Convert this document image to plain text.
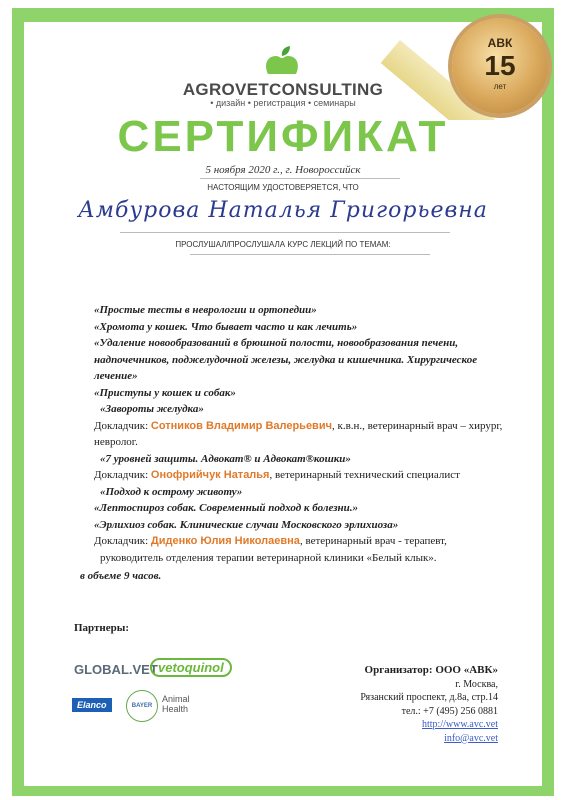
АВК
15
лет
AGROVETCONSULTING
• дизайн • регистрация • семинары
СЕРТИФИКАТ
5 ноября 2020 г., г. Новороссийск
НАСТОЯЩИМ УДОСТОВЕРЯЕТСЯ, ЧТО
Амбурова Наталья Григорьевна
ПРОСЛУШАЛ/ПРОСЛУШАЛА КУРС ЛЕКЦИЙ ПО ТЕМАМ:
«Простые тесты в неврологии и ортопедии»
«Хромота у кошек. Что бывает часто и как лечить»
«Удаление новообразований в брюшной полости, новообразования печени, надпочечников, поджелудочной железы, желудка и кишечника. Хирургическое лечение»
«Приступы у кошек и собак»
«Завороты желудка»
Докладчик: Сотников Владимир Валерьевич, к.в.н., ветеринарный врач – хирург, невролог.
«7 уровней защиты. Адвокат® и Адвокат®кошки»
Докладчик: Онофрийчук Наталья, ветеринарный технический специалист
«Подход к острому животу»
«Лептоспироз собак. Современный подход к болезни.»
«Эрлихиоз собак. Клинические случаи Московского эрлихиоза»
Докладчик: Диденко Юлия Николаевна, ветеринарный врач - терапевт,
руководитель отделения терапии ветеринарной клиники «Белый клык».
в объеме 9 часов.
Партнеры:
GLOBAL.VET vetoquinol
Elanco	BAYER
Animal
Health
Организатор: ООО «АВК»
г. Москва,
Рязанский проспект, д.8а, стр.14
тел.: +7 (495) 256 0881
http://www.avc.vet
info@avc.vet
